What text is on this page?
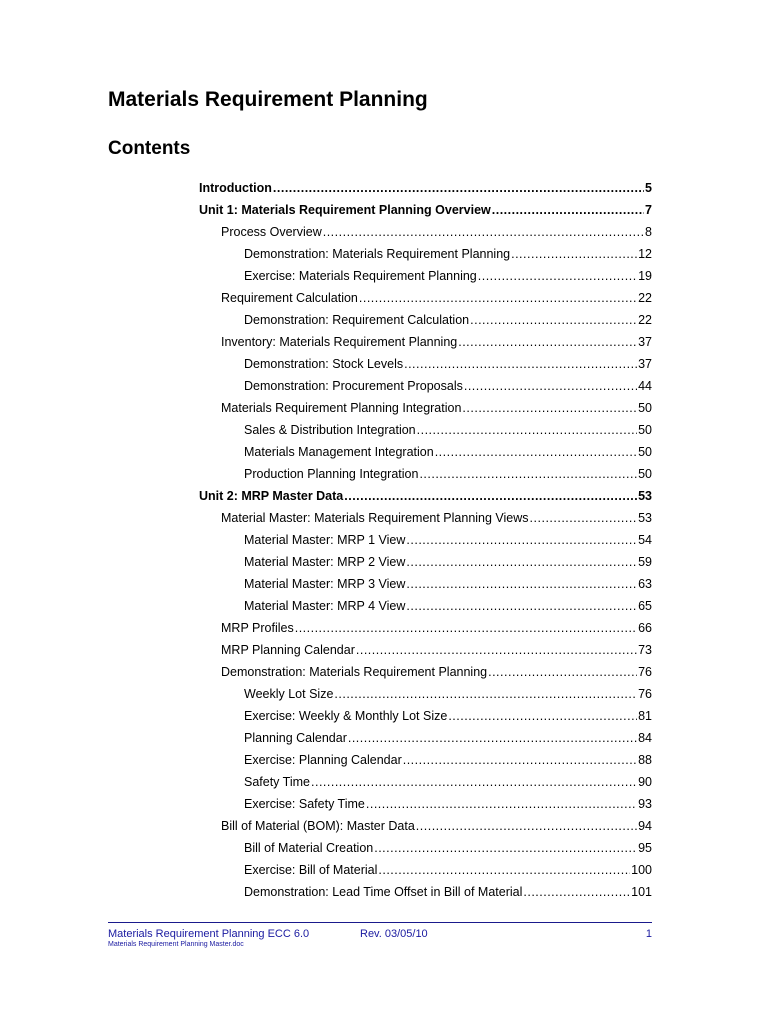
Materials Requirement Planning
Contents
Introduction .....	5
Unit 1: Materials Requirement Planning Overview .....	7
Process Overview .....	8
Demonstration: Materials Requirement Planning .....	12
Exercise: Materials Requirement Planning .....	19
Requirement Calculation .....	22
Demonstration: Requirement Calculation .....	22
Inventory: Materials Requirement Planning .....	37
Demonstration: Stock Levels .....	37
Demonstration: Procurement Proposals .....	44
Materials Requirement Planning Integration .....	50
Sales & Distribution Integration .....	50
Materials Management Integration .....	50
Production Planning Integration .....	50
Unit 2: MRP Master Data .....	53
Material Master: Materials Requirement Planning Views .....	53
Material Master: MRP 1 View .....	54
Material Master: MRP 2 View .....	59
Material Master: MRP 3 View .....	63
Material Master: MRP 4 View .....	65
MRP Profiles .....	66
MRP Planning Calendar .....	73
Demonstration: Materials Requirement Planning .....	76
Weekly Lot Size .....	76
Exercise: Weekly & Monthly Lot Size .....	81
Planning Calendar .....	84
Exercise: Planning Calendar .....	88
Safety Time .....	90
Exercise: Safety Time .....	93
Bill of Material (BOM): Master Data .....	94
Bill of Material Creation .....	95
Exercise: Bill of Material .....	100
Demonstration: Lead Time Offset in Bill of Material .....	101
Materials Requirement Planning ECC 6.0	Rev. 03/05/10	1
Materials Requirement Planning Master.doc
